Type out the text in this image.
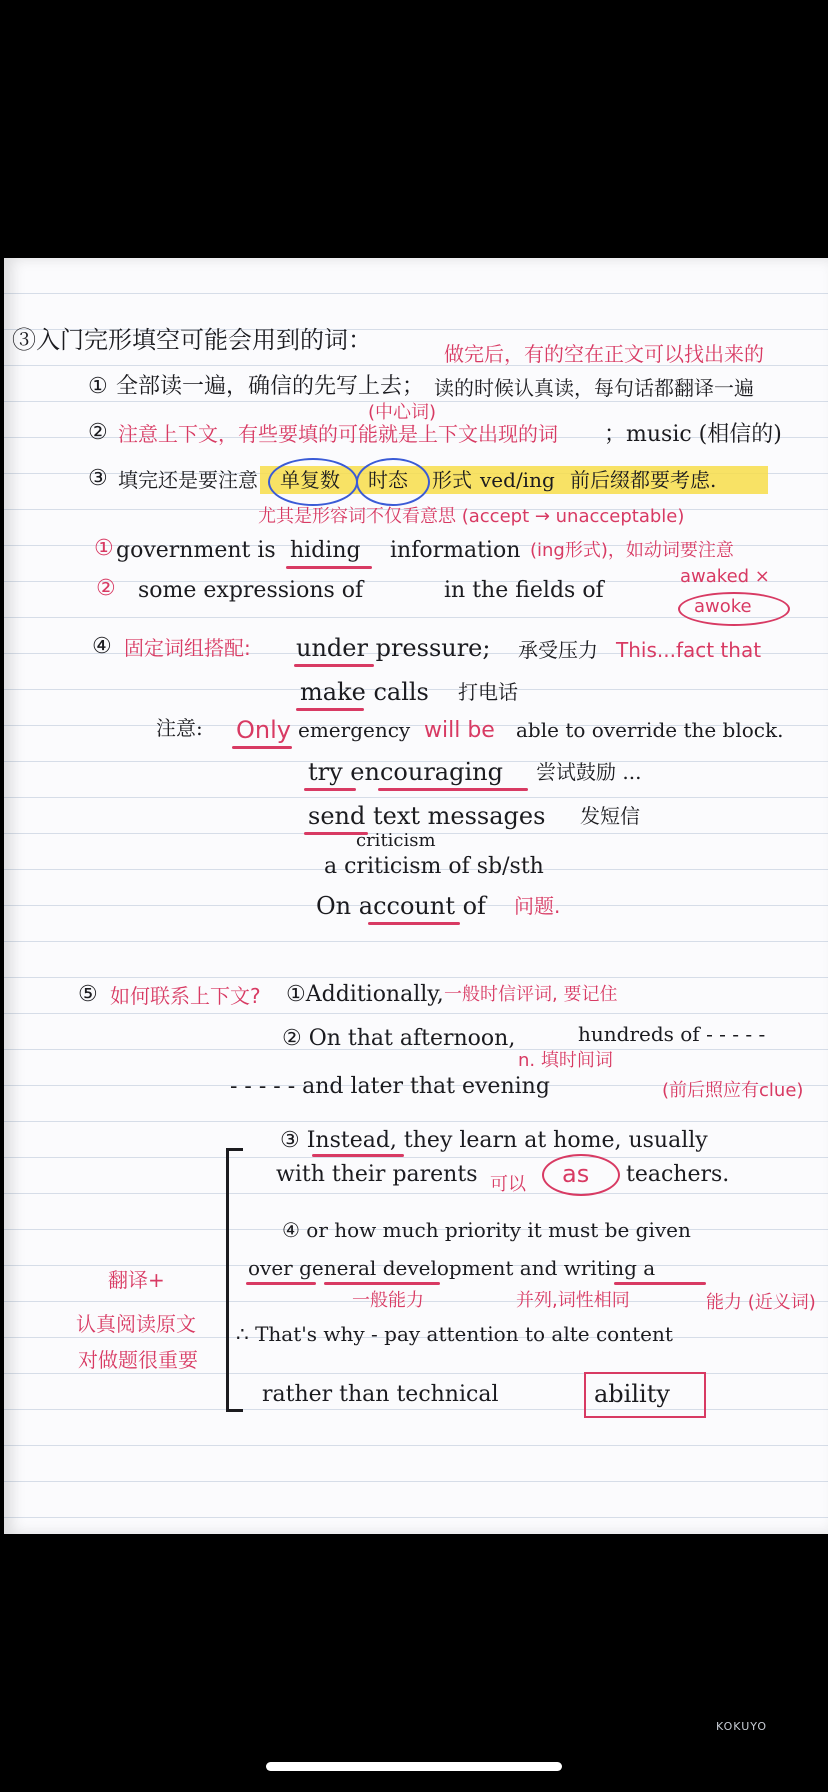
③入门完形填空可能会用到的词：	做完后，有的空在正文可以找出来的
① 全部读一遍，确信的先写上去； 读的时候认真读，每句话都翻译一遍
(中心词)
② 注意上下文，有些要填的可能就是上下文出现的词 ；music (相信的)
③ 填完还是要注意 单复数 时态 形式 ved/ing 前后缀都要考虑.
尤其是形容词不仅看意思 (accept → unacceptable)
① government is hiding information (ing形式)，如动词要注意
② some expressions of	in the fields of
awaked ×
awoke
④ 固定词组搭配: under pressure; 承受压力 This...fact that
make calls 打电话
注意: Only emergency will be able to override the block.
try encouraging 尝试鼓励 ...
send text messages 发短信
criticism
a criticism of sb/sth
On account of 问题.
⑤ 如何联系上下文? ①Additionally, 一般时信评词, 要记住
② On that afternoon,	hundreds of - - - - -
n. 填时间词
- - - - - and later that evening	(前后照应有clue)
③ Instead, they learn at home, usually
with their parents 可以 as teachers.
④ or how much priority it must be given
over general development and writing a
一般能力	并列,词性相同	能力 (近义词)
∴ That's why - pay attention to alte content
rather than technical	ability
翻译+
认真阅读原文
对做题很重要
KOKUYO
